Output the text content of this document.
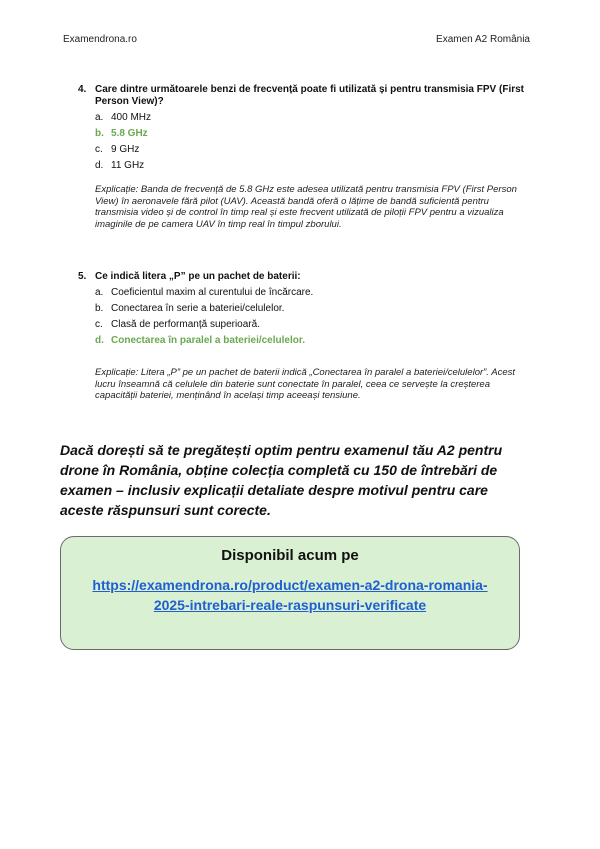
Examendrona.ro	Examen A2 România
4. Care dintre următoarele benzi de frecvență poate fi utilizată și pentru transmisia FPV (First Person View)?
a. 400 MHz
b. 5.8 GHz
c. 9 GHz
d. 11 GHz
Explicație: Banda de frecvență de 5.8 GHz este adesea utilizată pentru transmisia FPV (First Person View) în aeronavele fără pilot (UAV). Această bandă oferă o lățime de bandă suficientă pentru transmisia video și de control în timp real și este frecvent utilizată de piloții FPV pentru a vizualiza imaginile de pe camera UAV în timp real în timpul zborului.
5. Ce indică litera „P” pe un pachet de baterii:
a. Coeficientul maxim al curentului de încărcare.
b. Conectarea în serie a bateriei/celulelor.
c. Clasă de performanță superioară.
d. Conectarea în paralel a bateriei/celulelor.
Explicație: Litera „P” pe un pachet de baterii indică „Conectarea în paralel a bateriei/celulelor”. Acest lucru înseamnă că celulele din baterie sunt conectate în paralel, ceea ce servește la creșterea capacității bateriei, menținând în același timp aceeași tensiune.
Dacă dorești să te pregătești optim pentru examenul tău A2 pentru drone în România, obține colecția completă cu 150 de întrebări de examen – inclusiv explicații detaliate despre motivul pentru care aceste răspunsuri sunt corecte.
Disponibil acum pe
https://examendrona.ro/product/examen-a2-drona-romania-2025-intrebari-reale-raspunsuri-verificate
